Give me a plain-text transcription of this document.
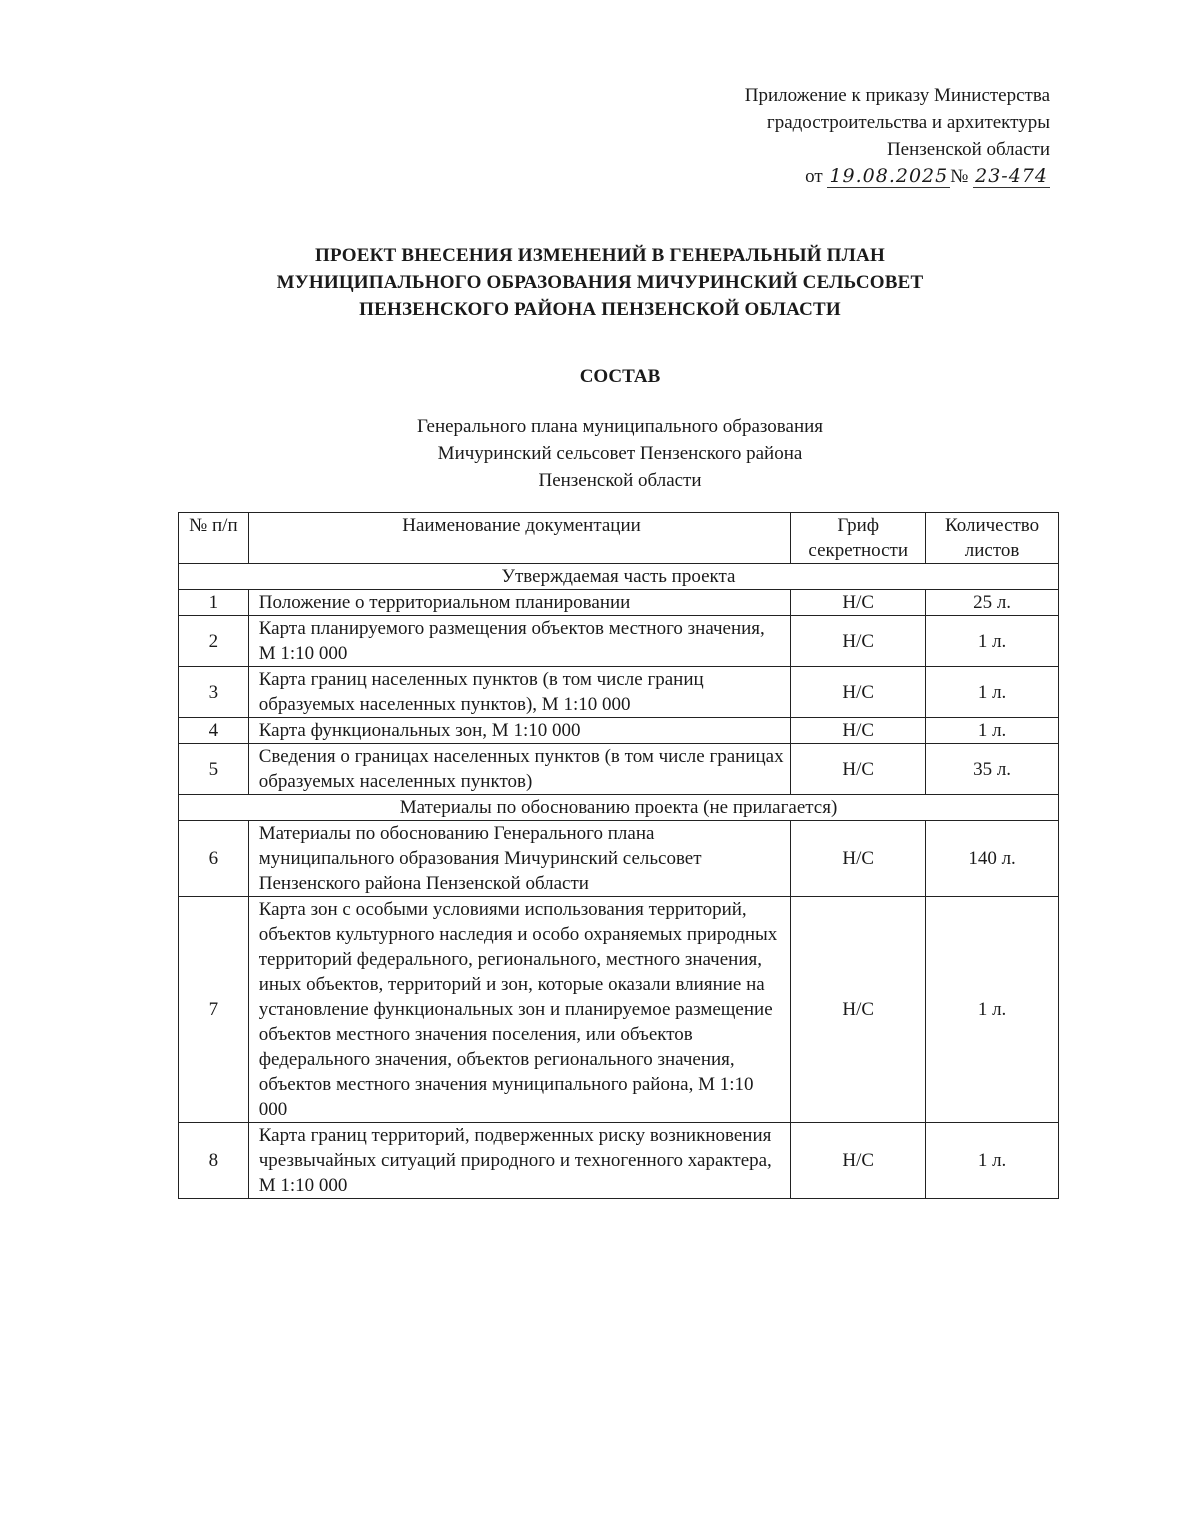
Приложение к приказу Министерства
градостроительства и архитектуры
Пензенской области
от 19.08.2025 № 23-474
ПРОЕКТ ВНЕСЕНИЯ ИЗМЕНЕНИЙ В ГЕНЕРАЛЬНЫЙ ПЛАН
МУНИЦИПАЛЬНОГО ОБРАЗОВАНИЯ МИЧУРИНСКИЙ СЕЛЬСОВЕТ
ПЕНЗЕНСКОГО РАЙОНА ПЕНЗЕНСКОЙ ОБЛАСТИ
СОСТАВ
Генерального плана муниципального образования
Мичуринский сельсовет Пензенского района
Пензенской области
№ п/п	Наименование документации	Гриф секретности	Количество листов
Утверждаемая часть проекта			
1	Положение о территориальном планировании	Н/С	25 л.
2	Карта планируемого размещения объектов местного значения, М 1:10 000	Н/С	1 л.
3	Карта границ населенных пунктов (в том числе границ образуемых населенных пунктов), М 1:10 000	Н/С	1 л.
4	Карта функциональных зон, М 1:10 000	Н/С	1 л.
5	Сведения о границах населенных пунктов (в том числе границах образуемых населенных пунктов)	Н/С	35 л.
Материалы по обоснованию проекта (не прилагается)			
6	Материалы по обоснованию Генерального плана муниципального образования Мичуринский сельсовет Пензенского района Пензенской области	Н/С	140 л.
7	Карта зон с особыми условиями использования территорий, объектов культурного наследия и особо охраняемых природных территорий федерального, регионального, местного значения, иных объектов, территорий и зон, которые оказали влияние на установление функциональных зон и планируемое размещение объектов местного значения поселения, или объектов федерального значения, объектов регионального значения, объектов местного значения муниципального района, М 1:10 000	Н/С	1 л.
8	Карта границ территорий, подверженных риску возникновения чрезвычайных ситуаций природного и техногенного характера, М 1:10 000	Н/С	1 л.
